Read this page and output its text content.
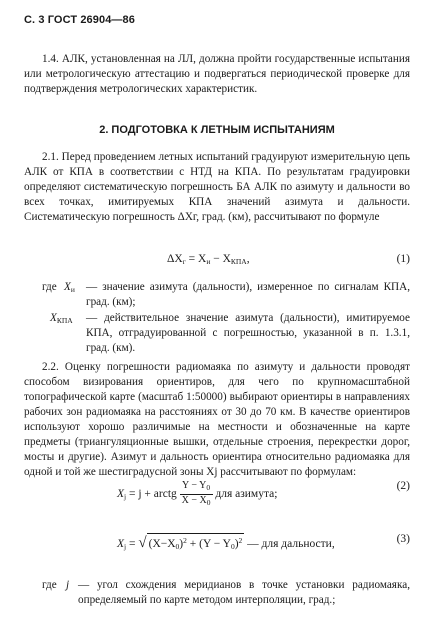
С. 3 ГОСТ 26904—86
1.4. АЛК, установленная на ЛЛ, должна пройти государственные испытания или метрологическую аттестацию и подвергаться периодической проверке для подтверждения метрологических характеристик.
2. ПОДГОТОВКА К ЛЕТНЫМ ИСПЫТАНИЯМ
2.1. Перед проведением летных испытаний градуируют измерительную цепь АЛК от КПА в соответствии с НТД на КПА. По результатам градуировки определяют систематическую погрешность БА АЛК по азимуту и дальности во всех точках, имитируемых КПА значений азимута и дальности. Систематическую погрешность ΔXг, град. (км), рассчитывают по формуле
$\Delta X_г = X_и - X_{КПА}$,	(1)
где $X_и$ — значение азимута (дальности), измеренное по сигналам КПА, град. (км);
$X_{КПА}$ — действительное значение азимута (дальности), имитируемое КПА, отградуированной с погрешностью, указанной в п. 1.3.1, град. (км).
2.2. Оценку погрешности радиомаяка по азимуту и дальности проводят способом визирования ориентиров, для чего по крупномасштабной топографической карте (масштаб 1:50000) выбирают ориентиры в направлениях рабочих зон радиомаяка на расстояниях от 30 до 70 км. В качестве ориентиров используют хорошо различимые на местности и обозначенные на карте предметы (триангуляционные вышки, отдельные строения, перекрестки дорог, мосты и другие). Азимут и дальность ориентира относительно радиомаяка для одной и той же шестиградусной зоны Xj рассчитывают по формулам:
$X_j = j$ + arctg $\frac{Y - Y_0}{X - X_0}$ для азимута;
(2)
$X_j$ = √ $(X-X_0)^2 + (Y - Y_0)^2$ — для дальности,	(3)
где j — угол схождения меридианов в точке установки радиомаяка, определяемый по карте методом интерполяции, град.;
